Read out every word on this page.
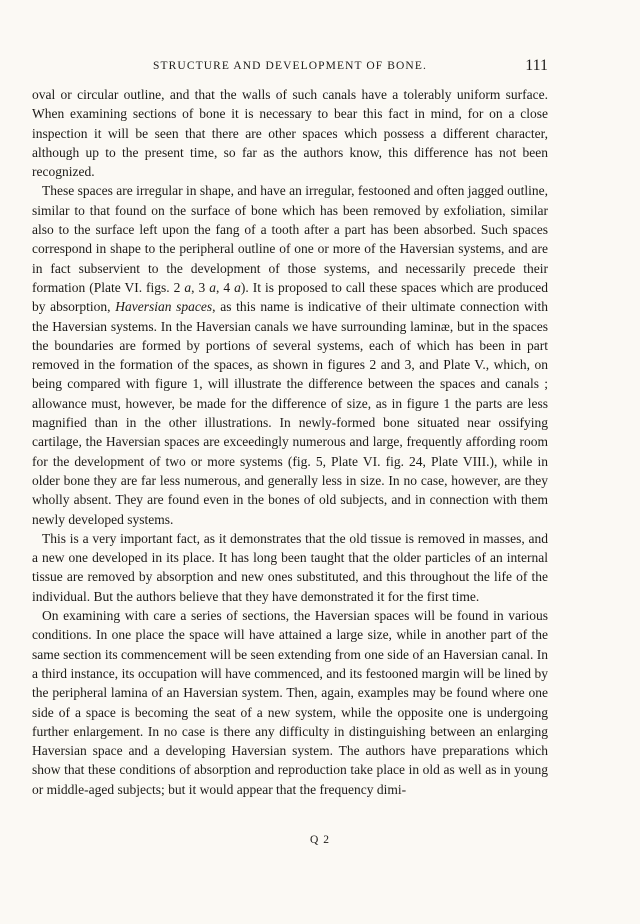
STRUCTURE AND DEVELOPMENT OF BONE.	111

oval or circular outline, and that the walls of such canals have a tolerably uniform surface. When examining sections of bone it is necessary to bear this fact in mind, for on a close inspection it will be seen that there are other spaces which possess a different character, although up to the present time, so far as the authors know, this difference has not been recognized.

These spaces are irregular in shape, and have an irregular, festooned and often jagged outline, similar to that found on the surface of bone which has been removed by exfoliation, similar also to the surface left upon the fang of a tooth after a part has been absorbed. Such spaces correspond in shape to the peripheral outline of one or more of the Haversian systems, and are in fact subservient to the development of those systems, and necessarily precede their formation (Plate VI. figs. 2 a, 3 a, 4 a). It is proposed to call these spaces which are produced by absorption, Haversian spaces, as this name is indicative of their ultimate connection with the Haversian systems. In the Haversian canals we have surrounding laminæ, but in the spaces the boundaries are formed by portions of several systems, each of which has been in part removed in the formation of the spaces, as shown in figures 2 and 3, and Plate V., which, on being compared with figure 1, will illustrate the difference between the spaces and canals ; allowance must, however, be made for the difference of size, as in figure 1 the parts are less magnified than in the other illustrations. In newly-formed bone situated near ossifying cartilage, the Haversian spaces are exceedingly numerous and large, frequently affording room for the development of two or more systems (fig. 5, Plate VI. fig. 24, Plate VIII.), while in older bone they are far less numerous, and generally less in size. In no case, however, are they wholly absent. They are found even in the bones of old subjects, and in connection with them newly developed systems.

This is a very important fact, as it demonstrates that the old tissue is removed in masses, and a new one developed in its place. It has long been taught that the older particles of an internal tissue are removed by absorption and new ones substituted, and this throughout the life of the individual. But the authors believe that they have demonstrated it for the first time.

On examining with care a series of sections, the Haversian spaces will be found in various conditions. In one place the space will have attained a large size, while in another part of the same section its commencement will be seen extending from one side of an Haversian canal. In a third instance, its occupation will have commenced, and its festooned margin will be lined by the peripheral lamina of an Haversian system. Then, again, examples may be found where one side of a space is becoming the seat of a new system, while the opposite one is undergoing further enlargement. In no case is there any difficulty in distinguishing between an enlarging Haversian space and a developing Haversian system. The authors have preparations which show that these conditions of absorption and reproduction take place in old as well as in young or middle-aged subjects; but it would appear that the frequency dimi-

Q 2
